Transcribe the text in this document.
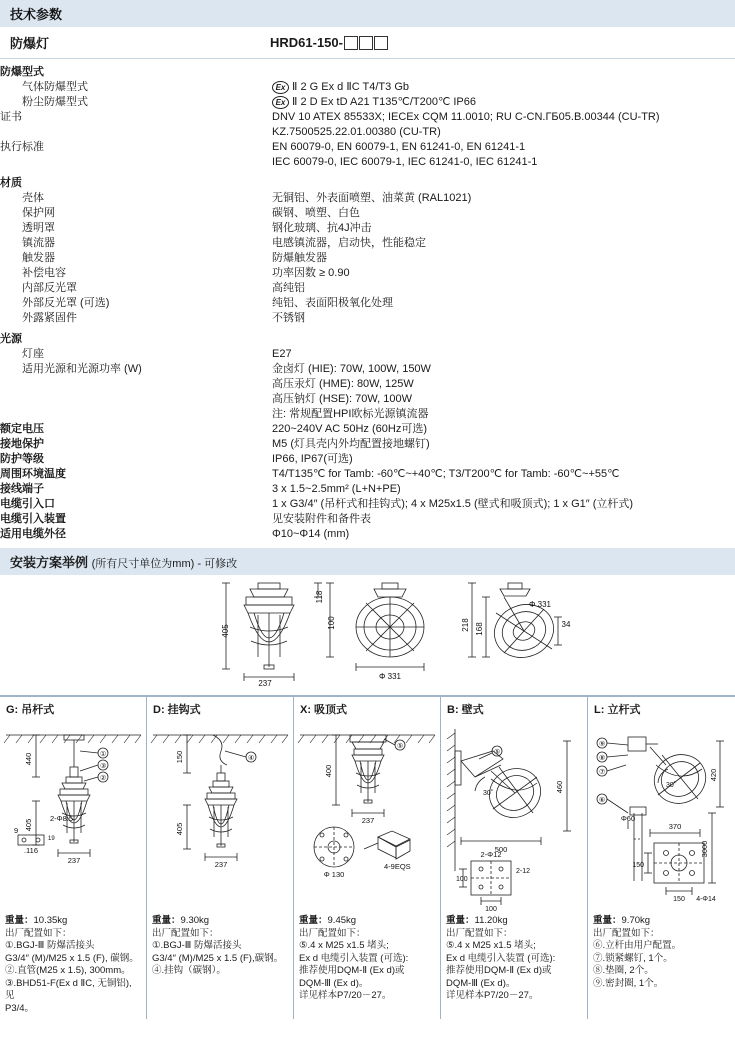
技术参数
防爆灯	HRD61-150-
防爆型式	
气体防爆型式	Ex Ⅱ 2 G Ex d ⅡC T4/T3 Gb
粉尘防爆型式	Ex Ⅱ 2 D Ex tD A21 T135℃/T200℃ IP66
证书	DNV 10 ATEX 85533X; IECEx CQM 11.0010; RU C-CN.ГБ05.В.00344 (CU-TR)
	KZ.7500525.22.01.00380 (CU-TR)
执行标准	EN 60079-0, EN 60079-1, EN 61241-0, EN 61241-1
	IEC 60079-0, IEC 60079-1, IEC 61241-0, IEC 61241-1

材质	
壳体	无铜铝、外表面喷塑、油菜黄 (RAL1021)
保护网	碳钢、喷塑、白色
透明罩	钢化玻璃、抗4J冲击
镇流器	电感镇流器，启动快，性能稳定
触发器	防爆触发器
补偿电容	功率因数 ≥ 0.90
内部反光罩	高纯铝
外部反光罩 (可选)	纯铝、表面阳极氧化处理
外露紧固件	不锈钢

光源	
灯座	E27
适用光源和光源功率 (W)	金卤灯 (HIE): 70W, 100W, 150W
	高压汞灯 (HME): 80W, 125W
	高压钠灯 (HSE): 70W, 100W
	注: 常规配置HPI欧标光源镇流器
额定电压	220~240V AC 50Hz (60Hz可选)
接地保护	M5 (灯具壳内外均配置接地螺钉)
防护等级	IP66, IP67(可选)
周围环境温度	T4/T135℃ for Tamb: -60℃~+40℃; T3/T200℃ for Tamb: -60℃~+55℃
接线端子	3 x 1.5~2.5mm² (L+N+PE)
电缆引入口	1 x G3/4″ (吊杆式和挂钩式); 4 x M25x1.5 (壁式和吸顶式); 1 x G1″ (立杆式)
电缆引入装置	见安装附件和备件表
适用电缆外径	Φ10~Φ14 (mm)
安装方案举例 (所有尺寸单位为mm) - 可修改
405
237
118
100
Φ 331
218 168
Φ 331
34
G: 吊杆式
440
405
237
2-Φ8.5
9
.116
19
③
②
①
重量：10.35kg
出厂配置如下：
①.BGJ-Ⅲ 防爆活接头
G3/4″ (M)/M25 x 1.5 (F), 碳钢。
②.直管(M25 x 1.5), 300mm。
③.BHD51-F(Ex d ⅡC, 无铜铝), 见
P3/4。
D: 挂钩式
150
405
237
④
重量：9.30kg
出厂配置如下：
①.BGJ-Ⅲ 防爆活接头
G3/4″ (M)/M25 x 1.5 (F),碳钢。
④.挂钩（碳钢）。
X: 吸顶式
400
237
Φ 130
4-9EQS
⑤
重量：9.45kg
出厂配置如下：
⑤.4 x M25 x1.5 堵头;
Ex d 电缆引入装置 (可选):
推荐使用DQM-Ⅱ (Ex d)或
DQM-Ⅲ (Ex d)。
详见样本P7/20－27。
B: 壁式
460
500
30˚
⑤
2-Φ12
2-12
100
100
重量：11.20kg
出厂配置如下：
⑤.4 x M25 x1.5 堵头;
Ex d 电缆引入装置 (可选):
推荐使用DQM-Ⅱ (Ex d)或
DQM-Ⅲ (Ex d)。
详见样本P7/20－27。
L: 立杆式
420
3000
Φ60
370
30˚
150
150 4-Φ14
⑨
⑧
⑦
⑥
重量：9.70kg
出厂配置如下：
⑥.立杆由用户配置。
⑦.锁紧螺钉, 1个。
⑧.垫圈, 2个。
⑨.密封圈, 1个。
